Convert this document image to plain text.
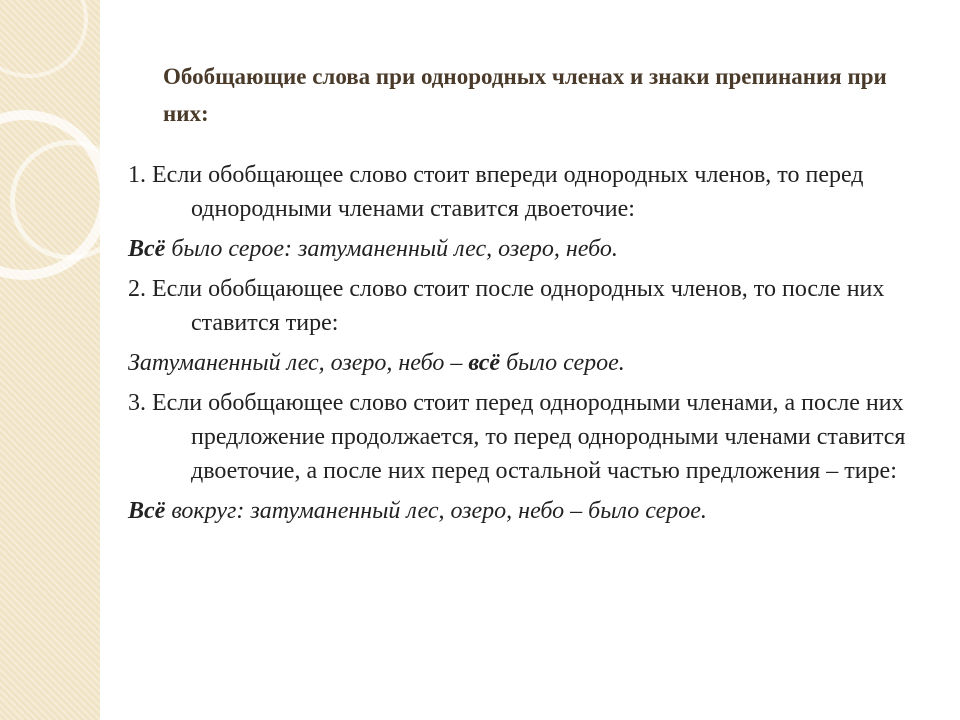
Обобщающие слова при однородных членах и знаки препинания при них:

1. Если обобщающее слово стоит впереди однородных членов, то перед однородными членами ставится двоеточие:

Всё было серое: затуманенный лес, озеро, небо.

2. Если обобщающее слово стоит после однородных членов, то после них ставится тире:

Затуманенный лес, озеро, небо – всё было серое.

3. Если обобщающее слово стоит перед однородными членами, а после них предложение продолжается, то перед однородными членами ставится двоеточие, а после них перед остальной частью предложения – тире:

Всё вокруг: затуманенный лес, озеро, небо – было серое.
